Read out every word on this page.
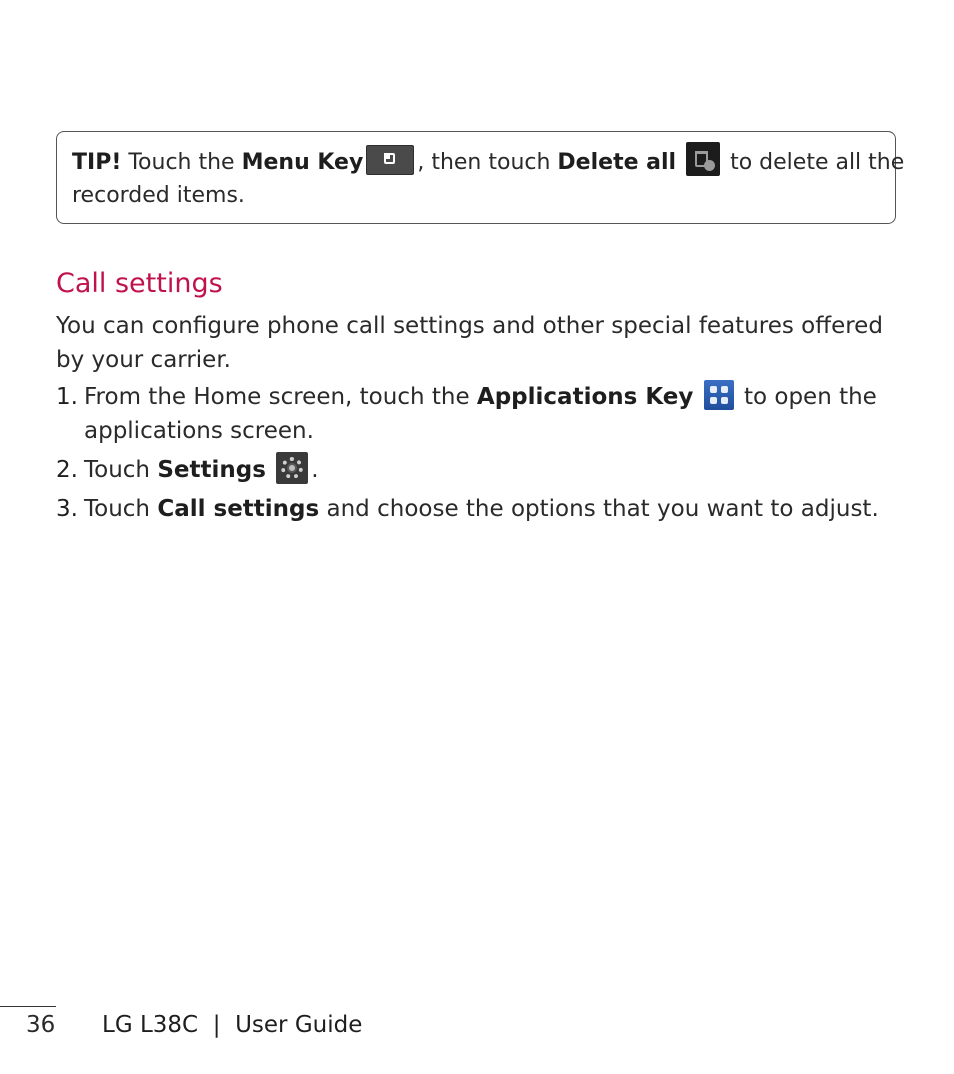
TIP! Touch the Menu Key , then touch Delete all
to delete all the
recorded items.
Call settings

You can configure phone call settings and other special features offered by your carrier.

1. From the Home screen, touch the Applications Key
to open the applications screen.
2. Touch Settings .
3. Touch Call settings and choose the options that you want to adjust.
36 LG L38C  |  User Guide
